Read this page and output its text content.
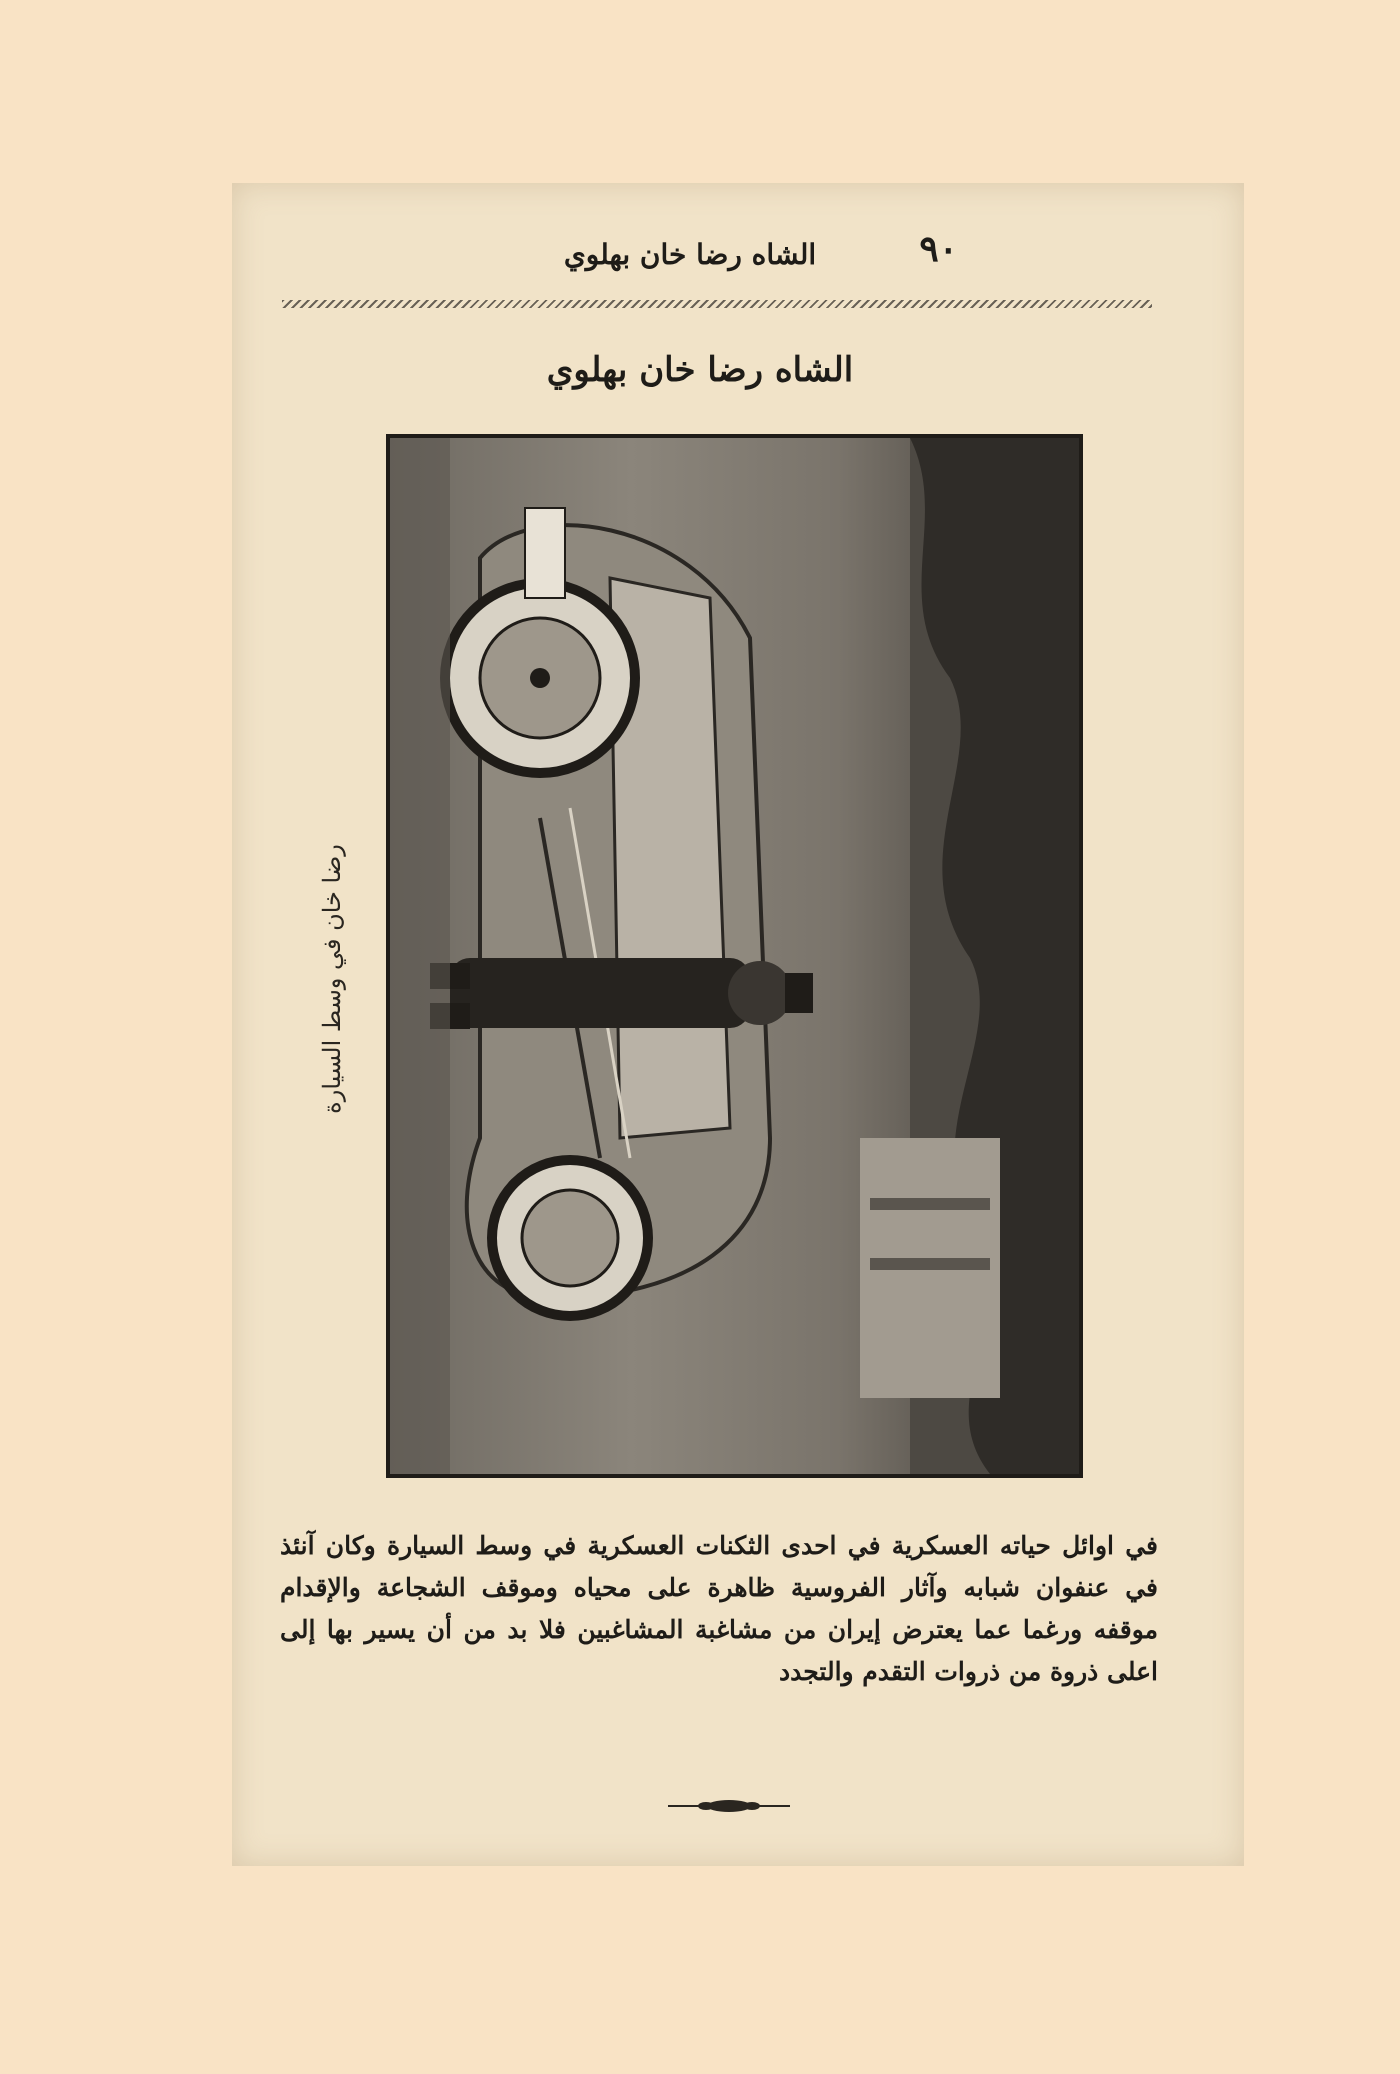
٩٠
الشاه رضا خان بهلوي
الشاه رضا خان بهلوي
رضا خان في وسط السيارة
في اوائل حياته العسكرية في احدى الثكنات العسكرية في وسط السيارة وكان آنئذ في عنفوان شبابه وآثار الفروسية ظاهرة على محياه وموقف الشجاعة والإقدام موقفه ورغما عما يعترض إيران من مشاغبة المشاغبين فلا بد من أن يسير بها إلى اعلى ذروة من ذروات التقدم والتجدد
